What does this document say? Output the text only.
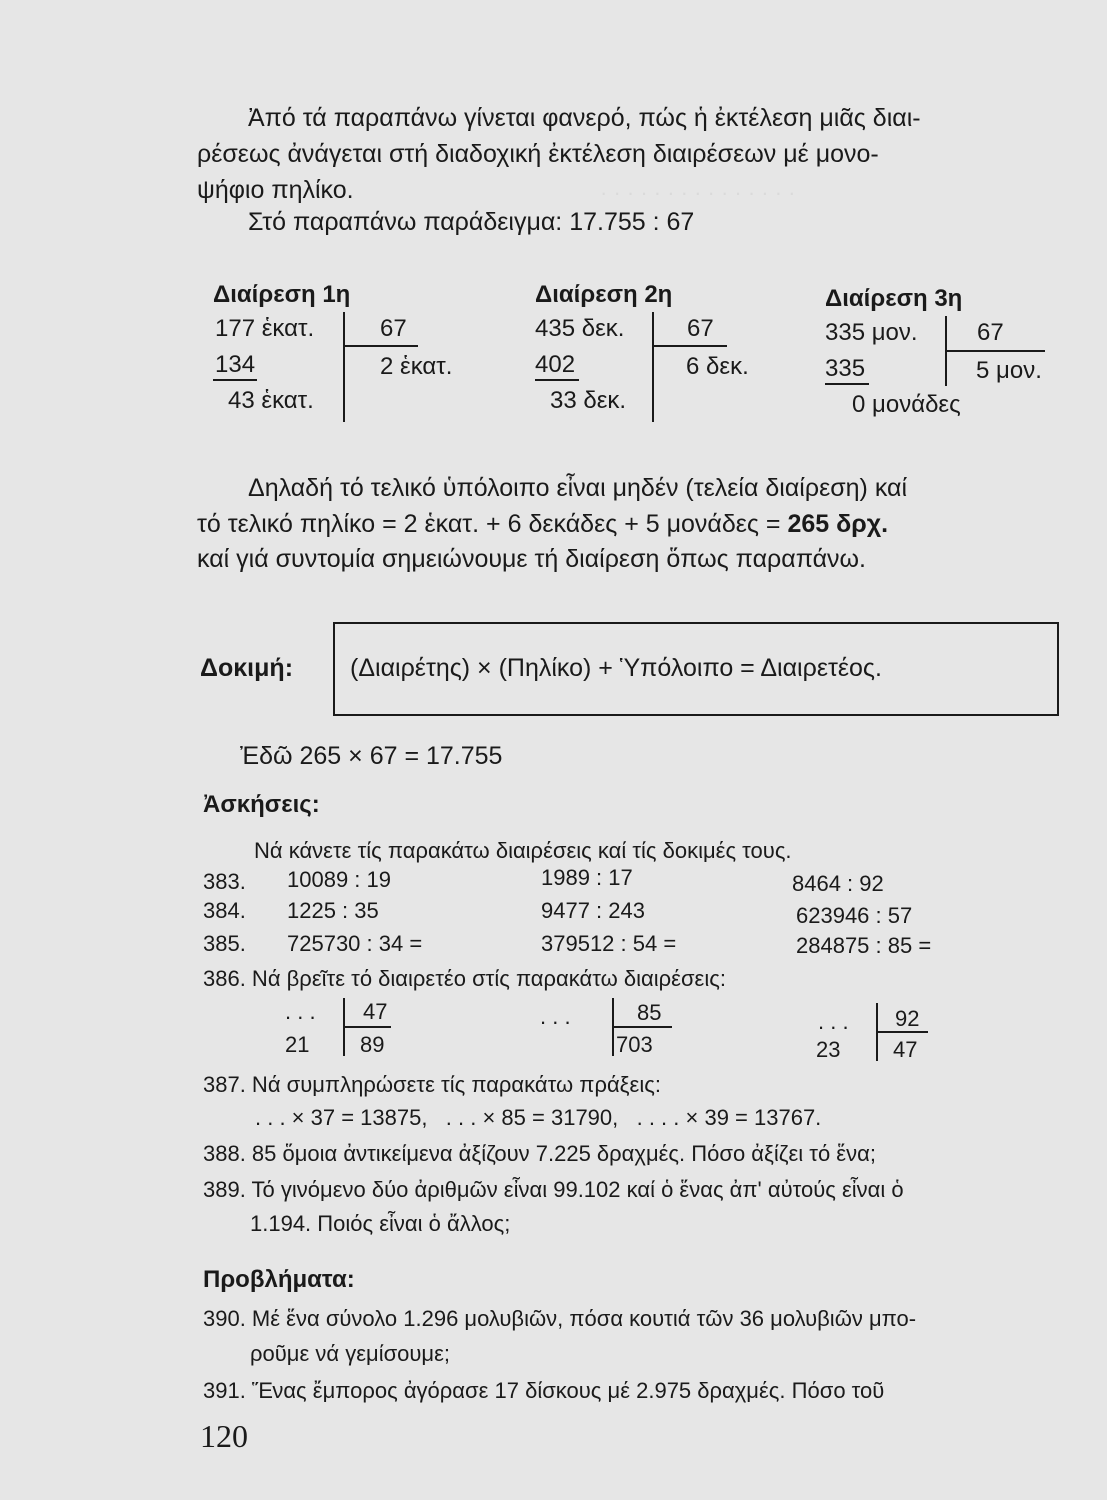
· · · · · · · · · · · · · · ·
Ἀπό τά παραπάνω γίνεται φανερό, πώς ἡ ἐκτέλεση μιᾶς διαι-
ρέσεως ἀνάγεται στή διαδοχική ἐκτέλεση διαιρέσεων μέ μονο-
ψήφιο πηλίκο.
Στό παραπάνω παράδειγμα: 17.755 : 67
Διαίρεση 1η
177 ἑκατ.	67
134	2 ἑκατ.
43 ἑκατ.
Διαίρεση 2η
435 δεκ.	67
402	6 δεκ.
33 δεκ.
Διαίρεση 3η
335 μον. 67
335	5 μον.
0 μονάδες
Δηλαδή τό τελικό ὑπόλοιπο εἶναι μηδέν (τελεία διαίρεση) καί
τό τελικό πηλίκο = 2 ἑκατ. + 6 δεκάδες + 5 μονάδες = 265 δρχ.
καί γιά συντομία σημειώνουμε τή διαίρεση ὅπως παραπάνω.
Δοκιμή: (Διαιρέτης) × (Πηλίκο) + Ὑπόλοιπο = Διαιρετέος.
Ἐδῶ 265 × 67 = 17.755
Ἀσκήσεις:
Νά κάνετε τίς παρακάτω διαιρέσεις καί τίς δοκιμές τους.
383. 10089 : 19	1989 : 17	8464 : 92
384. 1225 : 35	9477 : 243	623946 : 57
385. 725730 : 34 =	379512 : 54 =	284875 : 85 =
386. Νά βρεῖτε τό διαιρετέο στίς παρακάτω διαιρέσεις:
. . . 47
21 89
. . .	85
703
. . . 92
23 47
387. Νά συμπληρώσετε τίς παρακάτω πράξεις:
. . . × 37 = 13875,   . . . × 85 = 31790,   . . . . × 39 = 13767.
388. 85 ὅμοια ἀντικείμενα ἀξίζουν 7.225 δραχμές. Πόσο ἀξίζει τό ἕνα;
389. Τό γινόμενο δύο ἀριθμῶν εἶναι 99.102 καί ὁ ἕνας ἀπ' αὐτούς εἶναι ὁ
1.194. Ποιός εἶναι ὁ ἄλλος;
Προβλήματα:
390. Μέ ἕνα σύνολο 1.296 μολυβιῶν, πόσα κουτιά τῶν 36 μολυβιῶν μπο-
ροῦμε νά γεμίσουμε;
391. Ἕνας ἔμπορος ἀγόρασε 17 δίσκους μέ 2.975 δραχμές. Πόσο τοῦ
120
